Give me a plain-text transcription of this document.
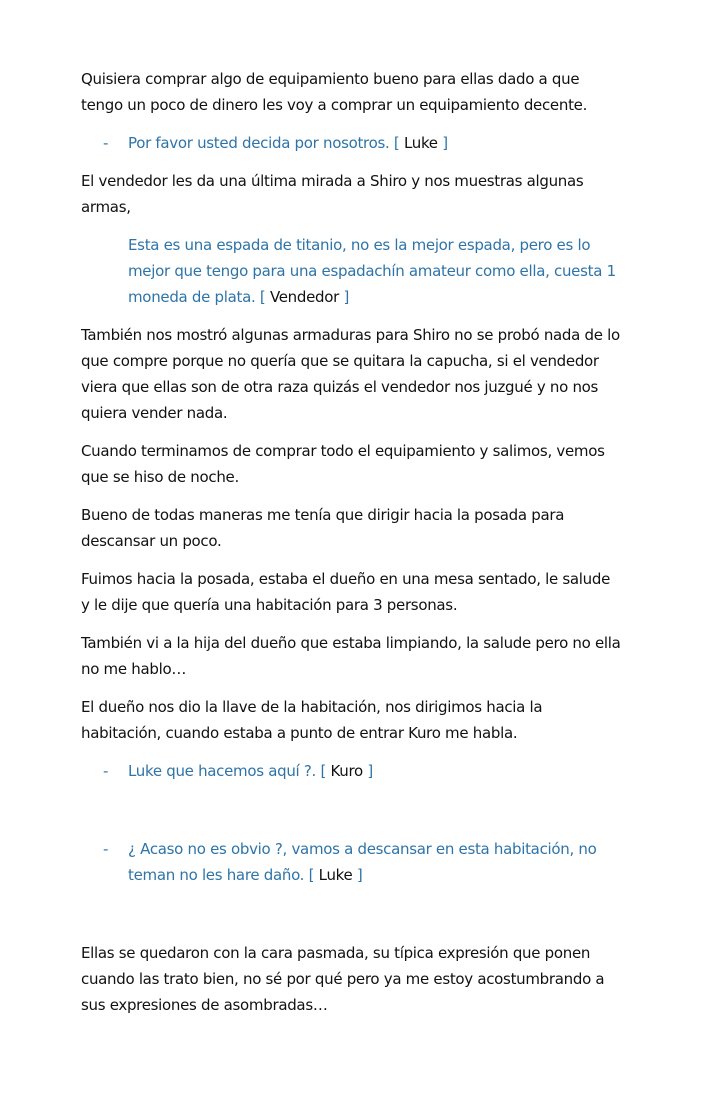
Quisiera comprar algo de equipamiento bueno para ellas dado a que tengo un poco de dinero les voy a comprar un equipamiento decente.

- Por favor usted decida por nosotros. [ Luke ]

El vendedor les da una última mirada a Shiro y nos muestras algunas armas,

Esta es una espada de titanio, no es la mejor espada, pero es lo mejor que tengo para una espadachín amateur como ella, cuesta 1 moneda de plata. [ Vendedor ]

También nos mostró algunas armaduras para Shiro no se probó nada de lo que compre porque no quería que se quitara la capucha, si el vendedor viera que ellas son de otra raza quizás el vendedor nos juzgué y no nos quiera vender nada.

Cuando terminamos de comprar todo el equipamiento y salimos, vemos que se hiso de noche.

Bueno de todas maneras me tenía que dirigir hacia la posada para descansar un poco.

Fuimos hacia la posada, estaba el dueño en una mesa sentado, le salude y le dije que quería una habitación para 3 personas.

También vi a la hija del dueño que estaba limpiando, la salude pero no ella no me hablo…

El dueño nos dio la llave de la habitación, nos dirigimos hacia la habitación, cuando estaba a punto de entrar Kuro me habla.

- Luke que hacemos aquí ?. [ Kuro ]
- ¿ Acaso no es obvio ?, vamos a descansar en esta habitación, no teman no les hare daño. [ Luke ]

Ellas se quedaron con la cara pasmada, su típica expresión que ponen cuando las trato bien, no sé por qué pero ya me estoy acostumbrando a sus expresiones de asombradas…
